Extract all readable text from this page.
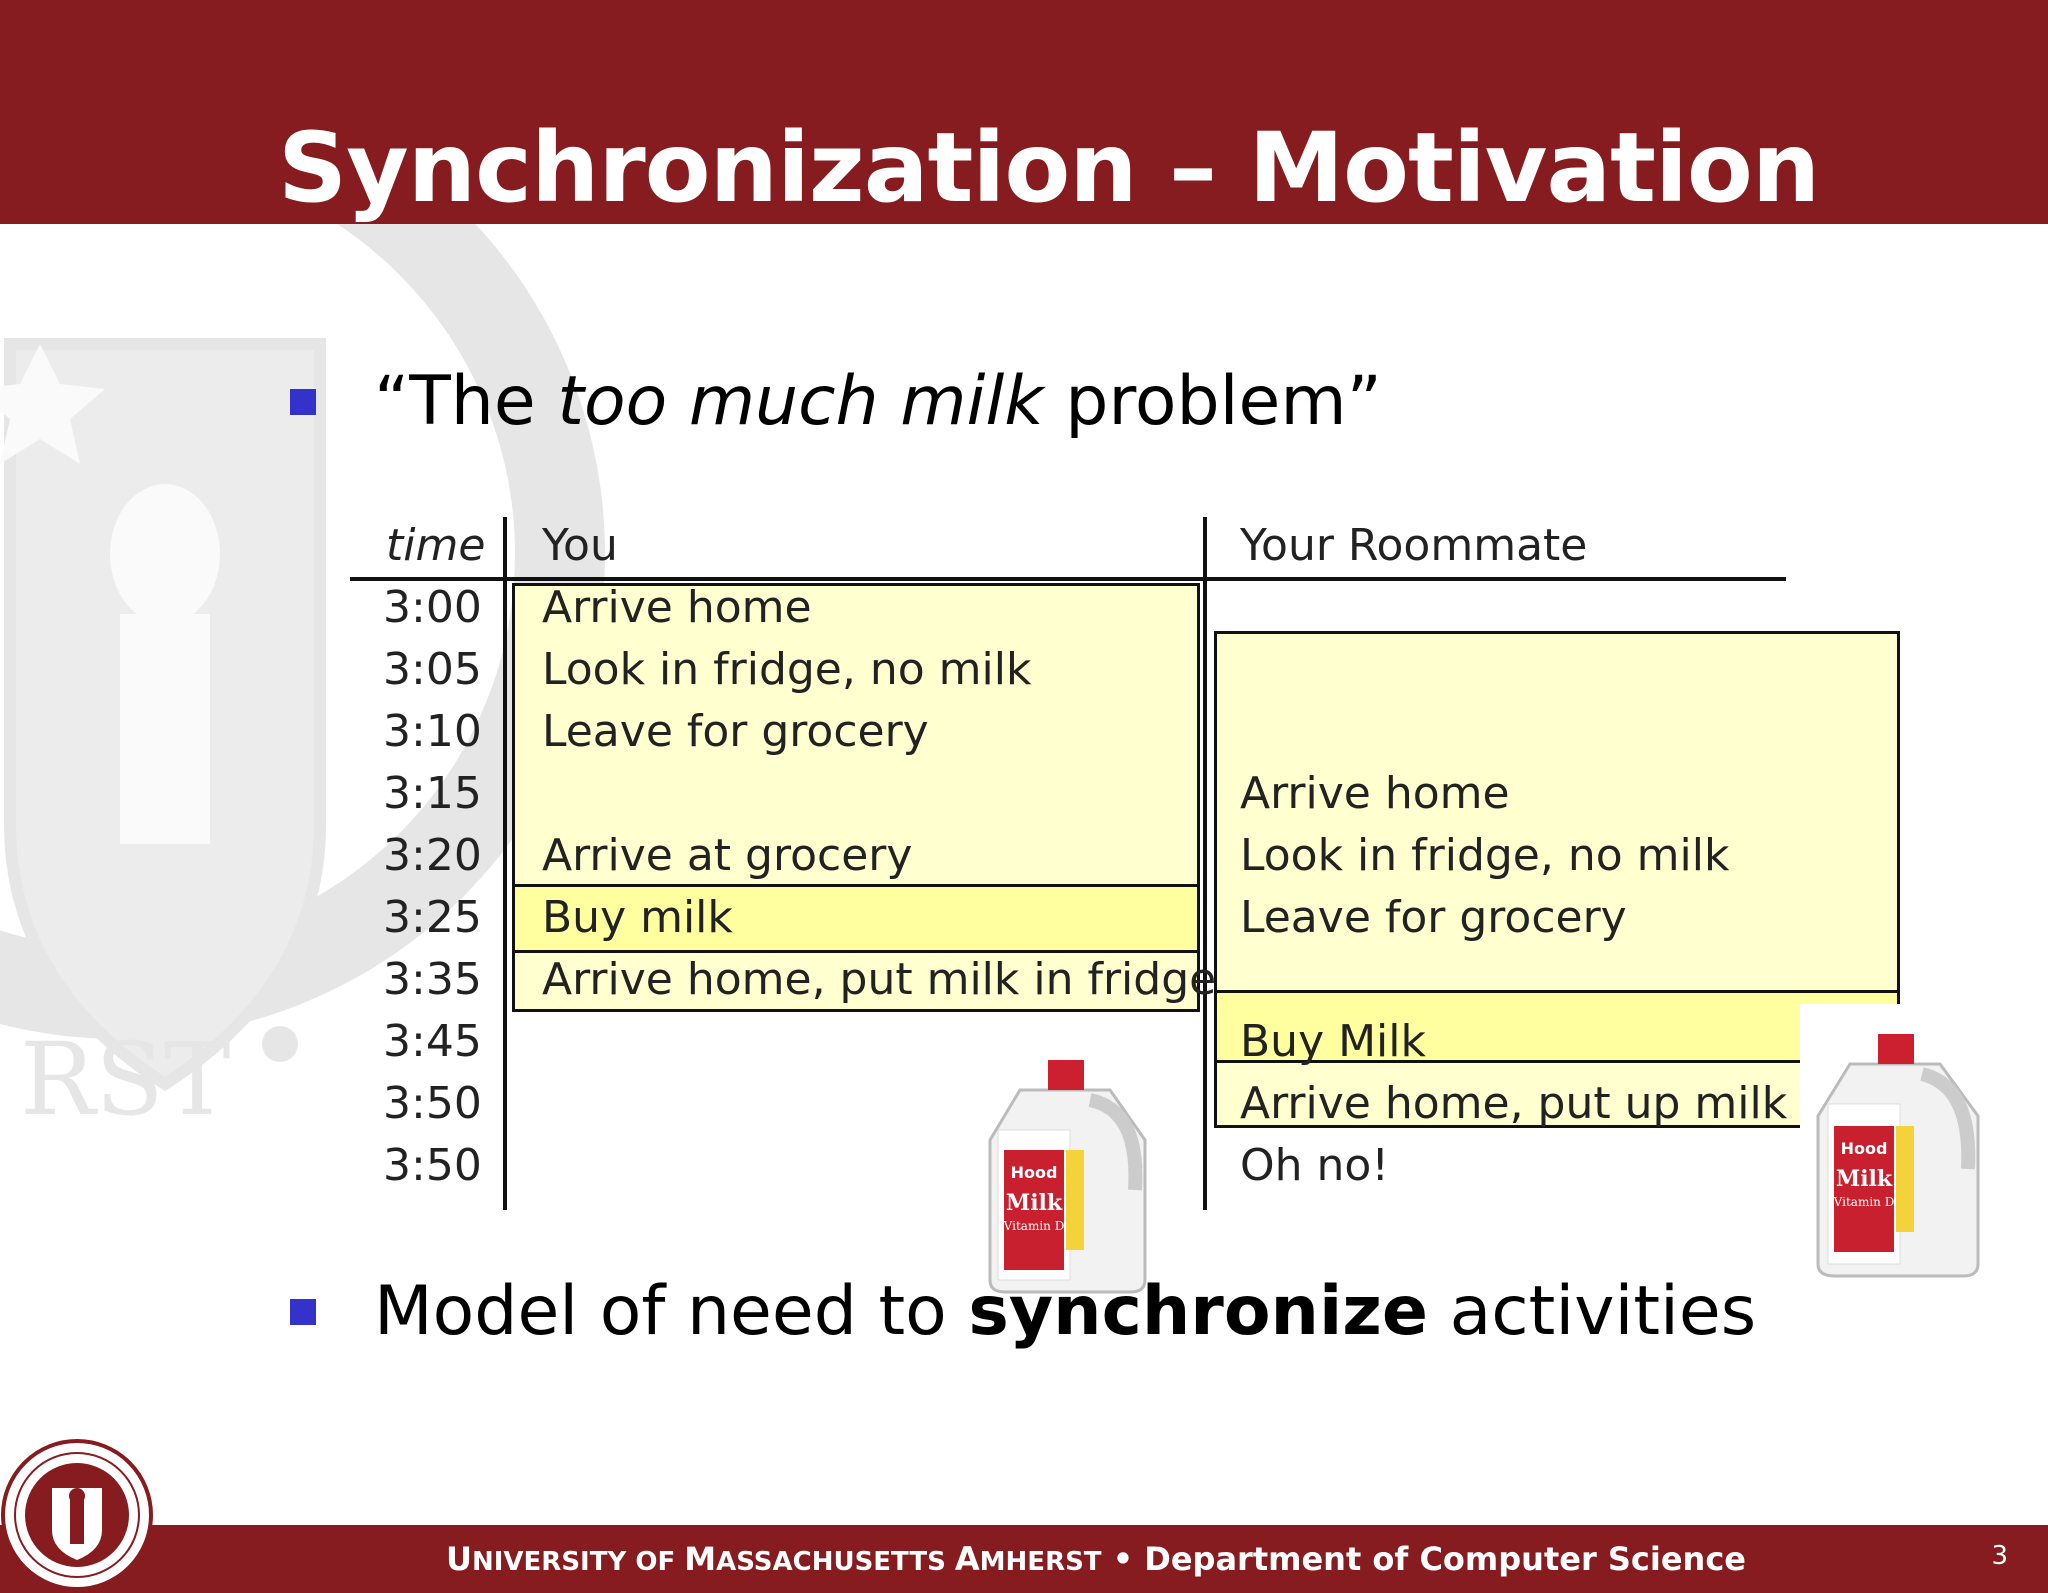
RST
Synchronization – Motivation
“The too much milk problem”
time You	Your Roommate
3:00
3:05
3:10
3:15
3:20
3:25
3:35
3:45
3:50
3:50
Arrive home
Look in fridge, no milk
Leave for grocery
Arrive at grocery
Buy milk
Arrive home, put milk in fridge
Arrive home
Look in fridge, no milk
Leave for grocery
Buy Milk
Arrive home, put up milk
Oh no!
Hood
Milk
Vitamin D
Hood
Milk
Vitamin D
Model of need to synchronize activities
UNIVERSITY OF MASSACHUSETTS AMHERST • Department of Computer Science	3
